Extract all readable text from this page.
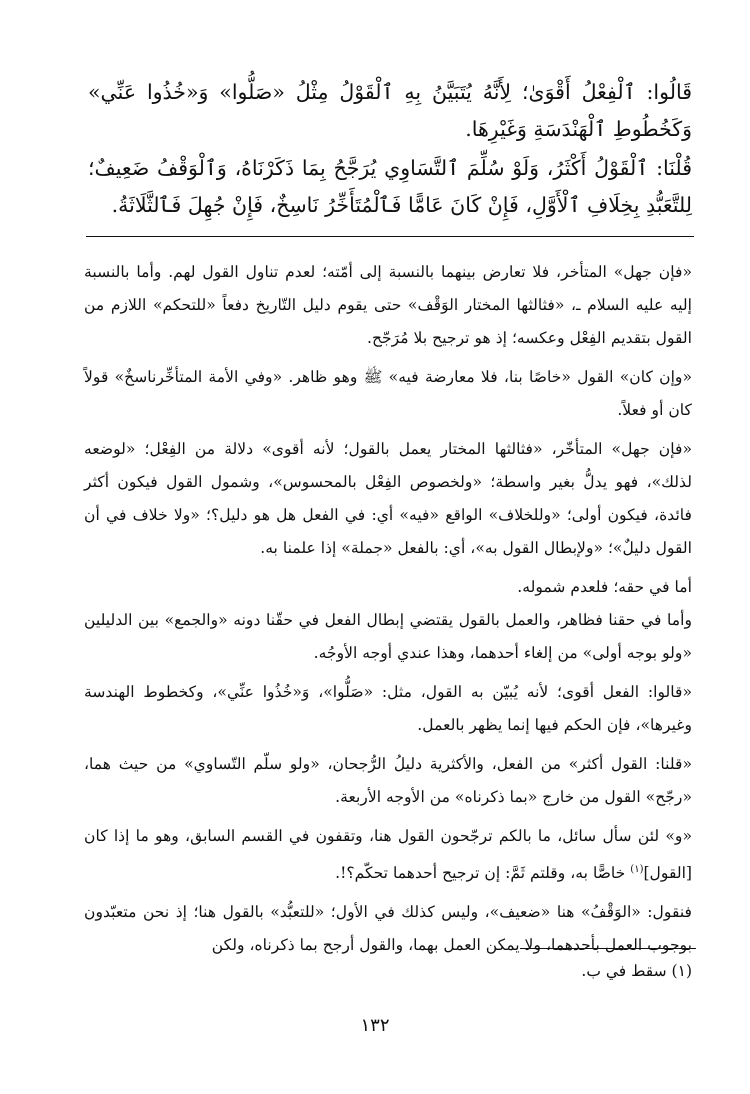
قَالُوا: ٱلْفِعْلُ أَقْوَىٰ؛ لِأَنَّهُ يُتَبَيَّنُ بِهِ ٱلْقَوْلُ مِثْلُ «صَلُّوا» وَ«خُذُوا عَنِّي» وَكَخُطُوطِ ٱلْهَنْدَسَةِ وَغَيْرِهَا.

قُلْنَا: ٱلْقَوْلُ أَكْثَرُ، وَلَوْ سُلِّمَ ٱلتَّسَاوِي يُرَجَّحُ بِمَا ذَكَرْنَاهُ، وَٱلْوَقْفُ ضَعِيفٌ؛ لِلتَّعَبُّدِ بِخِلَافِ ٱلْأَوَّلِ، فَإِنْ كَانَ عَامًّا فَٱلْمُتَأَخِّرُ نَاسِخٌ، فَإِنْ جُهِلَ فَٱلثَّلَاثَةُ.

«فإن جهل» المتأخر، فلا تعارض بينهما بالنسبة إلى أمّته؛ لعدم تناول القول لهم. وأما بالنسبة إليه عليه السلام ـ، «فثالثها المختار الوَقْف» حتى يقوم دليل التّاريخ دفعاً «للتحكم» اللازم من القول بتقديم الفِعْل وعكسه؛ إذ هو ترجيح بلا مُرَجّح.

«وإن كان» القول «خاصًا بنا، فلا معارضة فيه» ﷺ وهو ظاهر. «وفي الأمة المتأخِّرناسخٌ» قولاً كان أو فعلاً.

«فإن جهل» المتأخّر، «فثالثها المختار يعمل بالقول؛ لأنه أقوى» دلالة من الفِعْل؛ «لوضعه لذلك»، فهو يدلُّ بغير واسطة؛ «ولخصوص الفِعْل بالمحسوس»، وشمول القول فيكون أكثر فائدة، فيكون أولى؛ «وللخلاف» الواقع «فيه» أي: في الفعل هل هو دليل؟؛ «ولا خلاف في أن القول دليلٌ»؛ «ولإبطال القول به»، أي: بالفعل «جملة» إذا علمنا به.

أما في حقه؛ فلعدم شموله.

وأما في حقنا فظاهر، والعمل بالقول يقتضي إبطال الفعل في حقّنا دونه «والجمع» بين الدليلين «ولو بوجه أولى» من إلغاء أحدهما، وهذا عندي أوجه الأوجُه.

«قالوا: الفعل أقوى؛ لأنه يُبيّن به القول، مثل: «صَلُّوا»، وَ«خُذُوا عنِّي»، وكخطوط الهندسة وغيرها»، فإن الحكم فيها إنما يظهر بالعمل.

«قلنا: القول أكثر» من الفعل، والأكثرية دليلُ الرُّجحان، «ولو سلّم التّساوي» من حيث هما، «رجّح» القول من خارج «بما ذكرناه» من الأوجه الأربعة.

«و» لئن سأل سائل، ما بالكم ترجّحون القول هنا، وتقفون في القسم السابق، وهو ما إذا كان [القول]$^{(١)}$ خاصًّا به، وقلتم ثَمَّ: إن ترجيح أحدهما تحكّم؟!.

فنقول: «الوَقْفُ» هنا «ضعيف»، وليس كذلك في الأول؛ «للتعبُّد» بالقول هنا؛ إذ نحن متعبّدون بوجوب العمل بأحدهما، ولا يمكن العمل بهما، والقول أرجح بما ذكرناه، ولكن

(١) سقط في ب.
١٣٢
